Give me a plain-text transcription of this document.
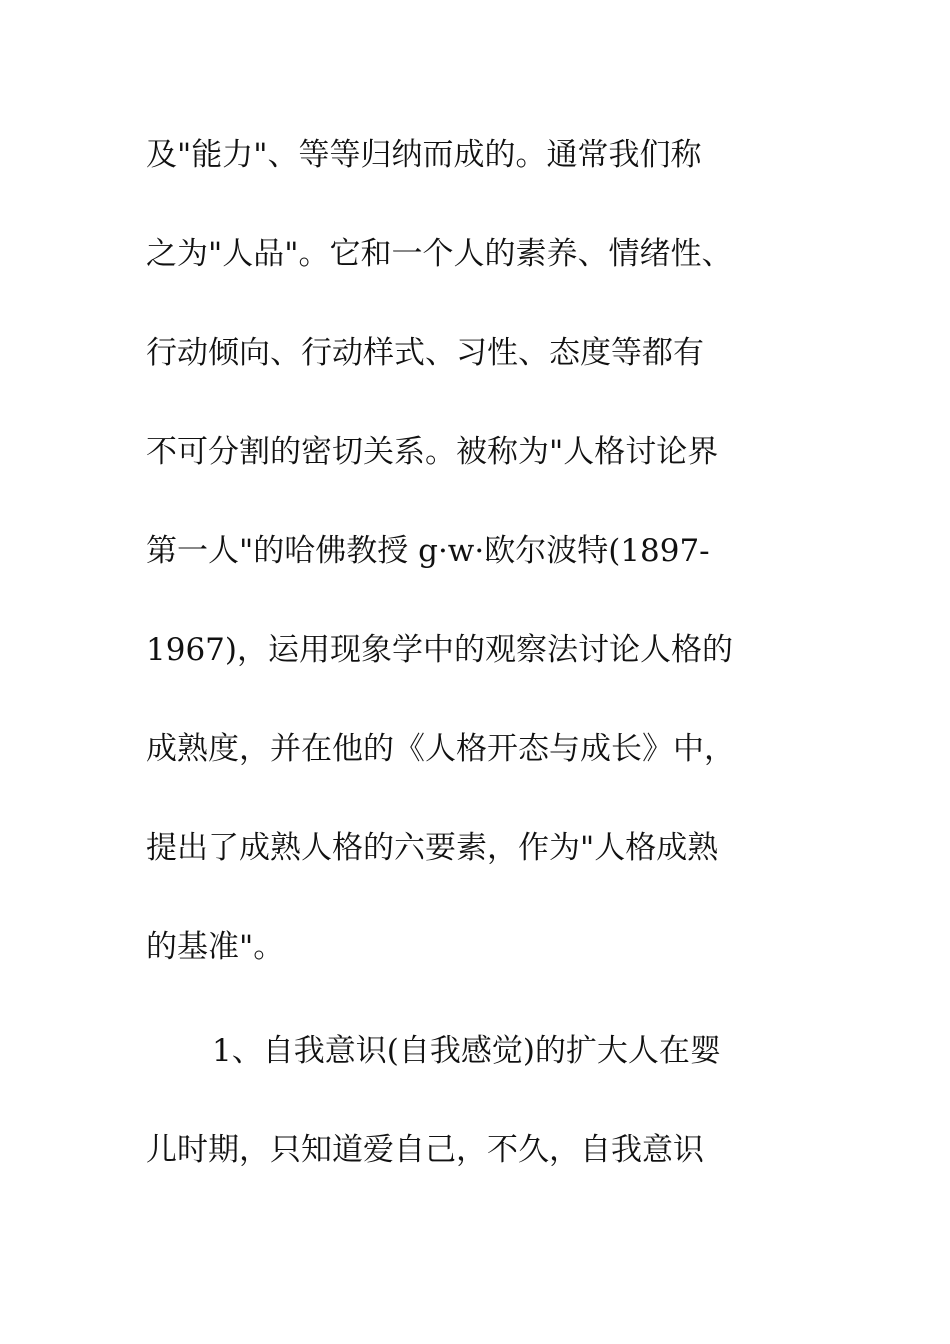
及"能力"、等等归纳而成的。通常我们称
之为"人品"。它和一个人的素养、情绪性、
行动倾向、行动样式、习性、态度等都有
不可分割的密切关系。被称为"人格讨论界
第一人"的哈佛教授 g·w·欧尔波特(1897-
1967)，运用现象学中的观察法讨论人格的
成熟度，并在他的《人格开态与成长》中，
提出了成熟人格的六要素，作为"人格成熟
的基准"。
1、自我意识(自我感觉)的扩大人在婴
儿时期，只知道爱自己，不久，自我意识
